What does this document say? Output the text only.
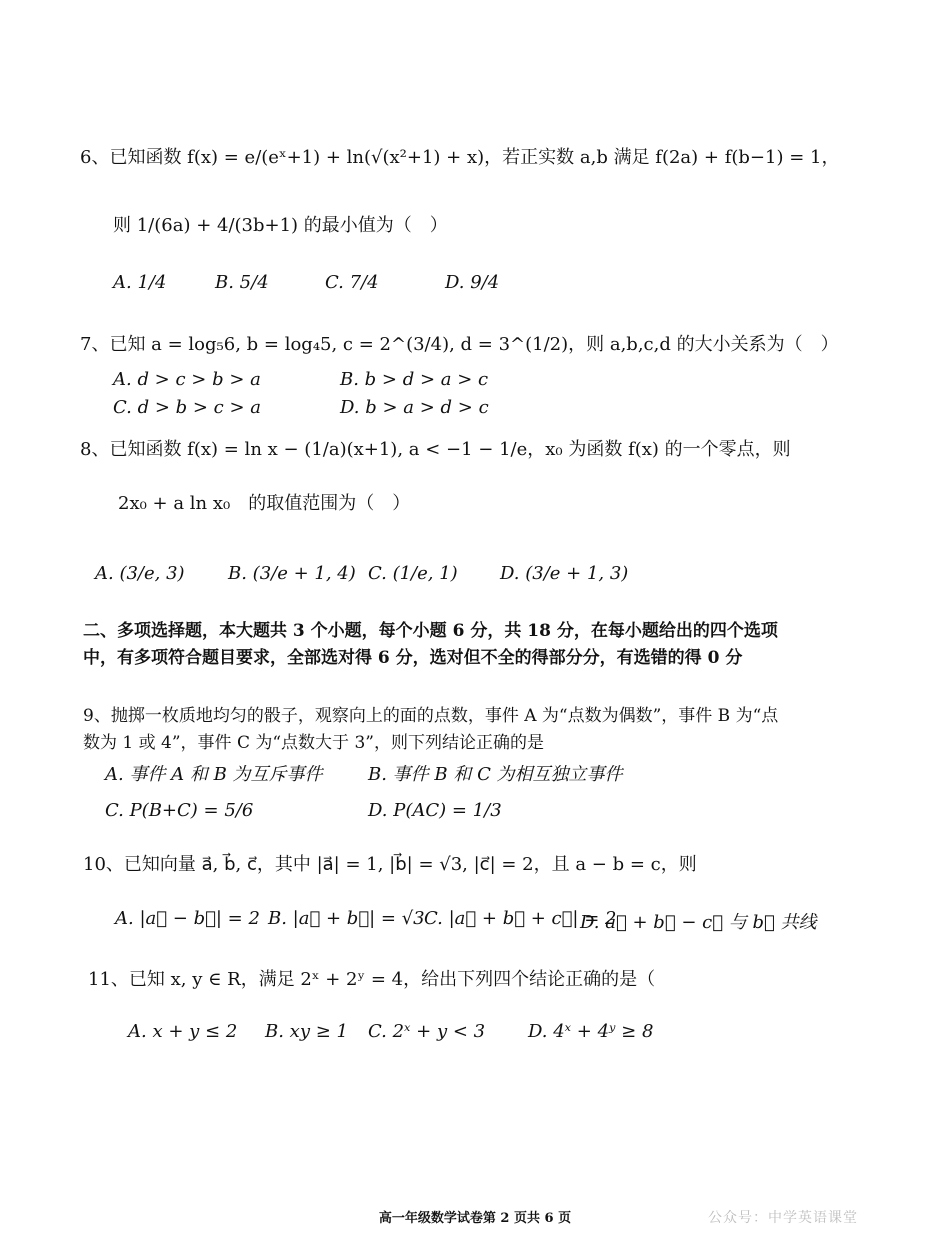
6、已知函数 f(x) = e/(eˣ+1) + ln(√(x²+1) + x)，若正实数 a,b 满足 f(2a) + f(b−1) = 1，
则 1/(6a) + 4/(3b+1) 的最小值为（　）
A. 1/4	B. 5/4	C. 7/4	D. 9/4
7、已知 a = log₅6, b = log₄5, c = 2^(3/4), d = 3^(1/2)，则 a,b,c,d 的大小关系为（　）
A. d > c > b > a	B. b > d > a > c
C. d > b > c > a	D. b > a > d > c
8、已知函数 f(x) = ln x − (1/a)(x+1), a < −1 − 1/e，x₀ 为函数 f(x) 的一个零点，则
2x₀ + a ln x₀　的取值范围为（　）
A. (3/e, 3) B. (3/e + 1, 4) C. (1/e, 1) D. (3/e + 1, 3)
二、多项选择题，本大题共 3 个小题，每个小题 6 分，共 18 分，在每小题给出的四个选项中，有多项符合题目要求，全部选对得 6 分，选对但不全的得部分分，有选错的得 0 分
9、抛掷一枚质地均匀的骰子，观察向上的面的点数，事件 A 为“点数为偶数”，事件 B 为“点数为 1 或 4”，事件 C 为“点数大于 3”，则下列结论正确的是
A. 事件 A 和 B 为互斥事件	B. 事件 B 和 C 为相互独立事件
C. P(B+C) = 5/6	D. P(AC) = 1/3
10、已知向量 a⃗, b⃗, c⃗，其中 |a⃗| = 1, |b⃗| = √3, |c⃗| = 2，且 a − b = c，则
A. |a⃗ − b⃗| = 2 B. |a⃗ + b⃗| = √3 C. |a⃗ + b⃗ + c⃗| = 2
D. a⃗ + b⃗ − c⃗ 与 b⃗ 共线
11、已知 x, y ∈ R，满足 2ˣ + 2ʸ = 4，给出下列四个结论正确的是（
A. x + y ≤ 2 B. xy ≥ 1 C. 2ˣ + y < 3 D. 4ˣ + 4ʸ ≥ 8
高一年级数学试卷第 2 页共 6 页	公众号：中学英语课堂
